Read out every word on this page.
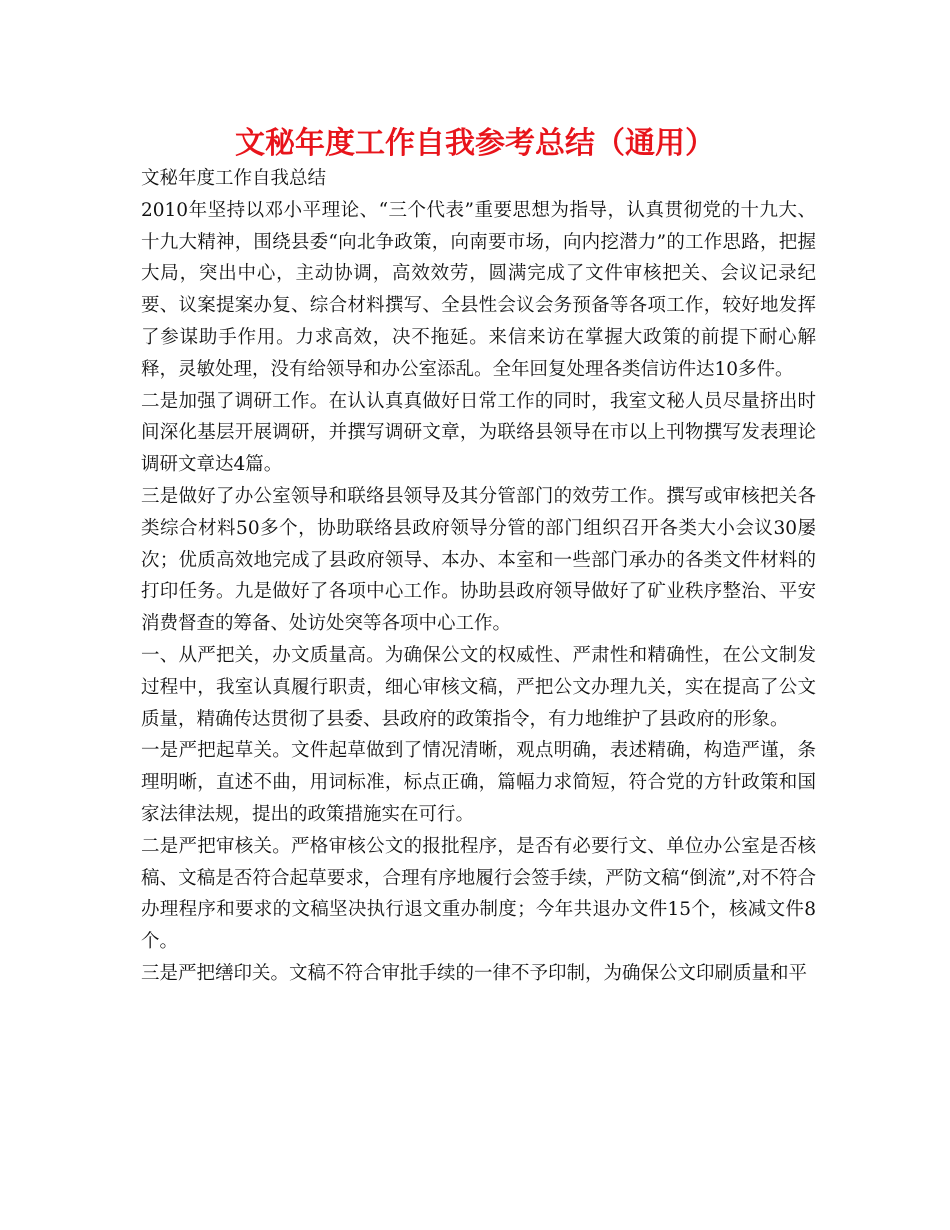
文秘年度工作自我参考总结（通用）

文秘年度工作自我总结

2010年坚持以邓小平理论、“三个代表”重要思想为指导，认真贯彻党的十九大、十九大精神，围绕县委“向北争政策，向南要市场，向内挖潜力”的工作思路，把握大局，突出中心，主动协调，高效效劳，圆满完成了文件审核把关、会议记录纪要、议案提案办复、综合材料撰写、全县性会议会务预备等各项工作，较好地发挥了参谋助手作用。力求高效，决不拖延。来信来访在掌握大政策的前提下耐心解释，灵敏处理，没有给领导和办公室添乱。全年回复处理各类信访件达10多件。

二是加强了调研工作。在认认真真做好日常工作的同时，我室文秘人员尽量挤出时间深化基层开展调研，并撰写调研文章，为联络县领导在市以上刊物撰写发表理论调研文章达4篇。

三是做好了办公室领导和联络县领导及其分管部门的效劳工作。撰写或审核把关各类综合材料50多个，协助联络县政府领导分管的部门组织召开各类大小会议30屡次；优质高效地完成了县政府领导、本办、本室和一些部门承办的各类文件材料的打印任务。九是做好了各项中心工作。协助县政府领导做好了矿业秩序整治、平安消费督查的筹备、处访处突等各项中心工作。

一、从严把关，办文质量高。为确保公文的权威性、严肃性和精确性，在公文制发过程中，我室认真履行职责，细心审核文稿，严把公文办理九关，实在提高了公文质量，精确传达贯彻了县委、县政府的政策指令，有力地维护了县政府的形象。

一是严把起草关。文件起草做到了情况清晰，观点明确，表述精确，构造严谨，条理明晰，直述不曲，用词标准，标点正确，篇幅力求简短，符合党的方针政策和国家法律法规，提出的政策措施实在可行。

二是严把审核关。严格审核公文的报批程序，是否有必要行文、单位办公室是否核稿、文稿是否符合起草要求，合理有序地履行会签手续，严防文稿“倒流”,对不符合办理程序和要求的文稿坚决执行退文重办制度；今年共退办文件15个，核减文件8个。

三是严把缮印关。文稿不符合审批手续的一律不予印制，为确保公文印刷质量和平
